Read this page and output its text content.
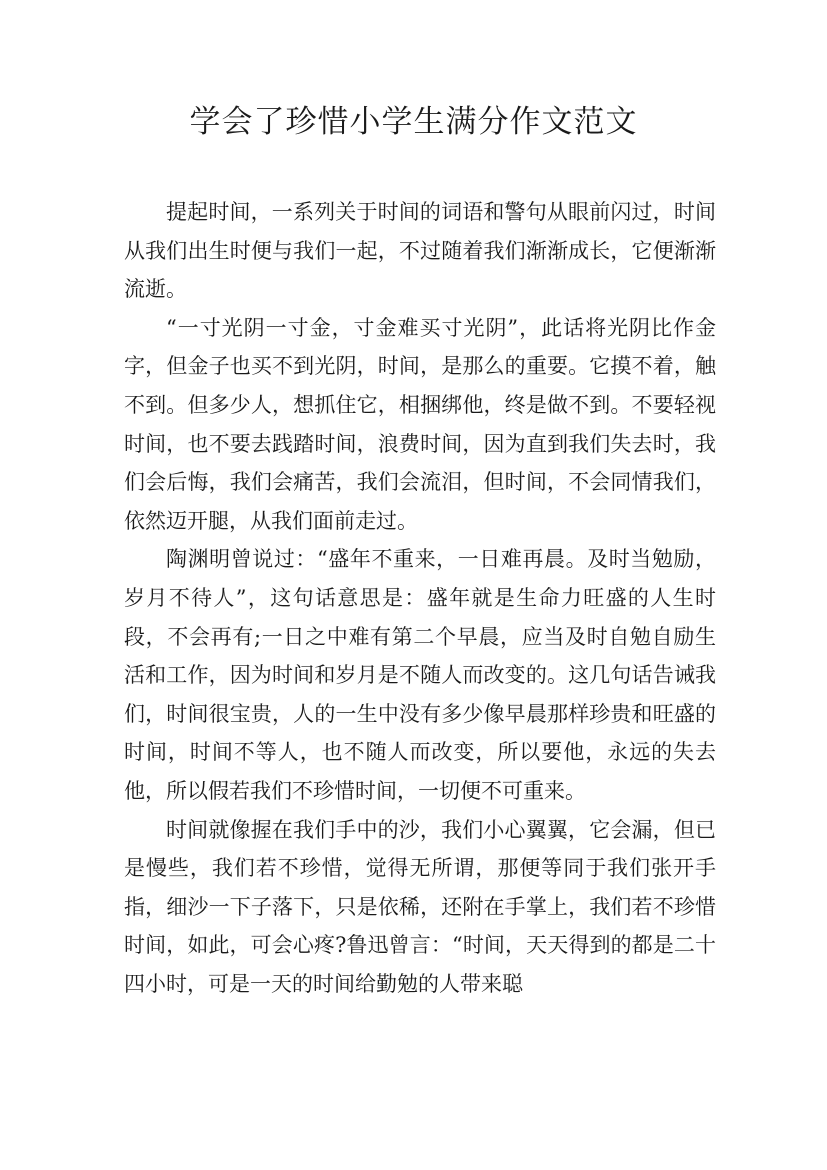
学会了珍惜小学生满分作文范文

提起时间，一系列关于时间的词语和警句从眼前闪过，时间从我们出生时便与我们一起，不过随着我们渐渐成长，它便渐渐流逝。

“一寸光阴一寸金，寸金难买寸光阴”，此话将光阴比作金字，但金子也买不到光阴，时间，是那么的重要。它摸不着，触不到。但多少人，想抓住它，相捆绑他，终是做不到。不要轻视时间，也不要去践踏时间，浪费时间，因为直到我们失去时，我们会后悔，我们会痛苦，我们会流泪，但时间，不会同情我们，依然迈开腿，从我们面前走过。

陶渊明曾说过：“盛年不重来，一日难再晨。及时当勉励，岁月不待人”，这句话意思是：盛年就是生命力旺盛的人生时段，不会再有;一日之中难有第二个早晨，应当及时自勉自励生活和工作，因为时间和岁月是不随人而改变的。这几句话告诫我们，时间很宝贵，人的一生中没有多少像早晨那样珍贵和旺盛的时间，时间不等人，也不随人而改变，所以要他，永远的失去他，所以假若我们不珍惜时间，一切便不可重来。

时间就像握在我们手中的沙，我们小心翼翼，它会漏，但已是慢些，我们若不珍惜，觉得无所谓，那便等同于我们张开手指，细沙一下子落下，只是依稀，还附在手掌上，我们若不珍惜时间，如此，可会心疼?鲁迅曾言：“时间，天天得到的都是二十四小时，可是一天的时间给勤勉的人带来聪
